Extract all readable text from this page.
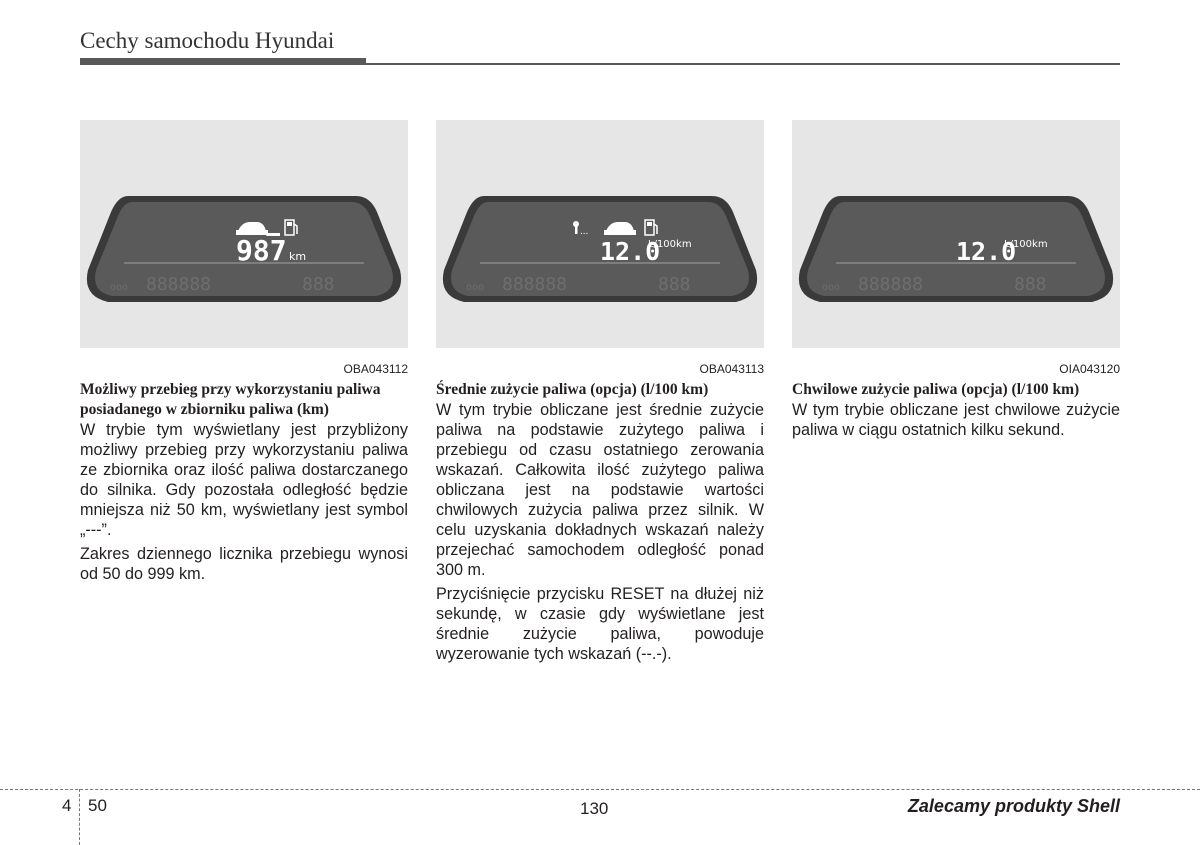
Cechy samochodu Hyundai
ooo 888888	888
987 km
OBA043112
Możliwy przebieg przy wykorzystaniu paliwa posiadanego w zbiorniku paliwa (km)

W trybie tym wyświetlany jest przybliżony możliwy przebieg przy wykorzystaniu paliwa ze zbiornika oraz ilość paliwa dostarczanego do silnika. Gdy pozostała odległość będzie mniejsza niż 50 km, wyświetlany jest symbol „---”.

Zakres dziennego licznika przebiegu wynosi od 50 do 999 km.

ooo 888888	888
...
12.0
L/100km
OBA043113
Średnie zużycie paliwa (opcja) (l/100 km)

W tym trybie obliczane jest średnie zużycie paliwa na podstawie zużytego paliwa i przebiegu od czasu ostatniego zerowania wskazań. Całkowita ilość zużytego paliwa obliczana jest na podstawie wartości chwilowych zużycia paliwa przez silnik. W celu uzyskania dokładnych wskazań należy przejechać samochodem odległość ponad 300 m.

Przyciśnięcie przycisku RESET na dłużej niż sekundę, w czasie gdy wyświetlane jest średnie zużycie paliwa, powoduje wyzerowanie tych wskazań (--.-).

ooo 888888	888
12.0
L/100km
OIA043120
Chwilowe zużycie paliwa (opcja) (l/100 km)

W tym trybie obliczane jest chwilowe zużycie paliwa w ciągu ostatnich kilku sekund.

4 50	130	Zalecamy produkty Shell
